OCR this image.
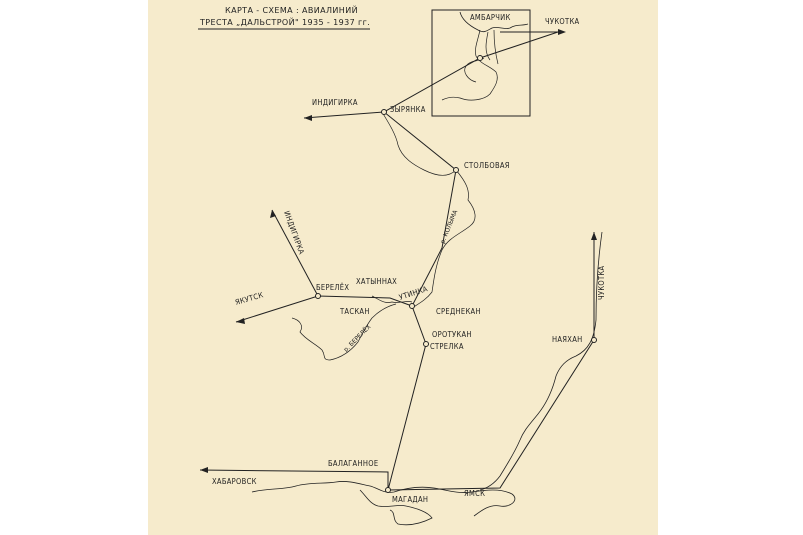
КАРТА - СХЕМА : АВИАЛИНИЙ
ТРЕСТА „ДАЛЬСТРОЙ" 1935 - 1937 гг.
АМБАРЧИК	ЧУКОТКА
ИНДИГИРКА
ЗЫРЯНКА
СТОЛБОВАЯ
ИНДИГИРКА
ХАТЫННАХ
БЕРЕЛЁХ
ЯКУТСК
ТАСКАН
УТИНКА
СРЕДНЕКАН
ОРОТУКАН
СТРЕЛКА
ЧУКОТКА
НАЯХАН
БАЛАГАННОЕ
ХАБАРОВСК
МАГАДАН
ЯМСК
р. КОЛЫМА
р. БЕРЕЛЁХ
